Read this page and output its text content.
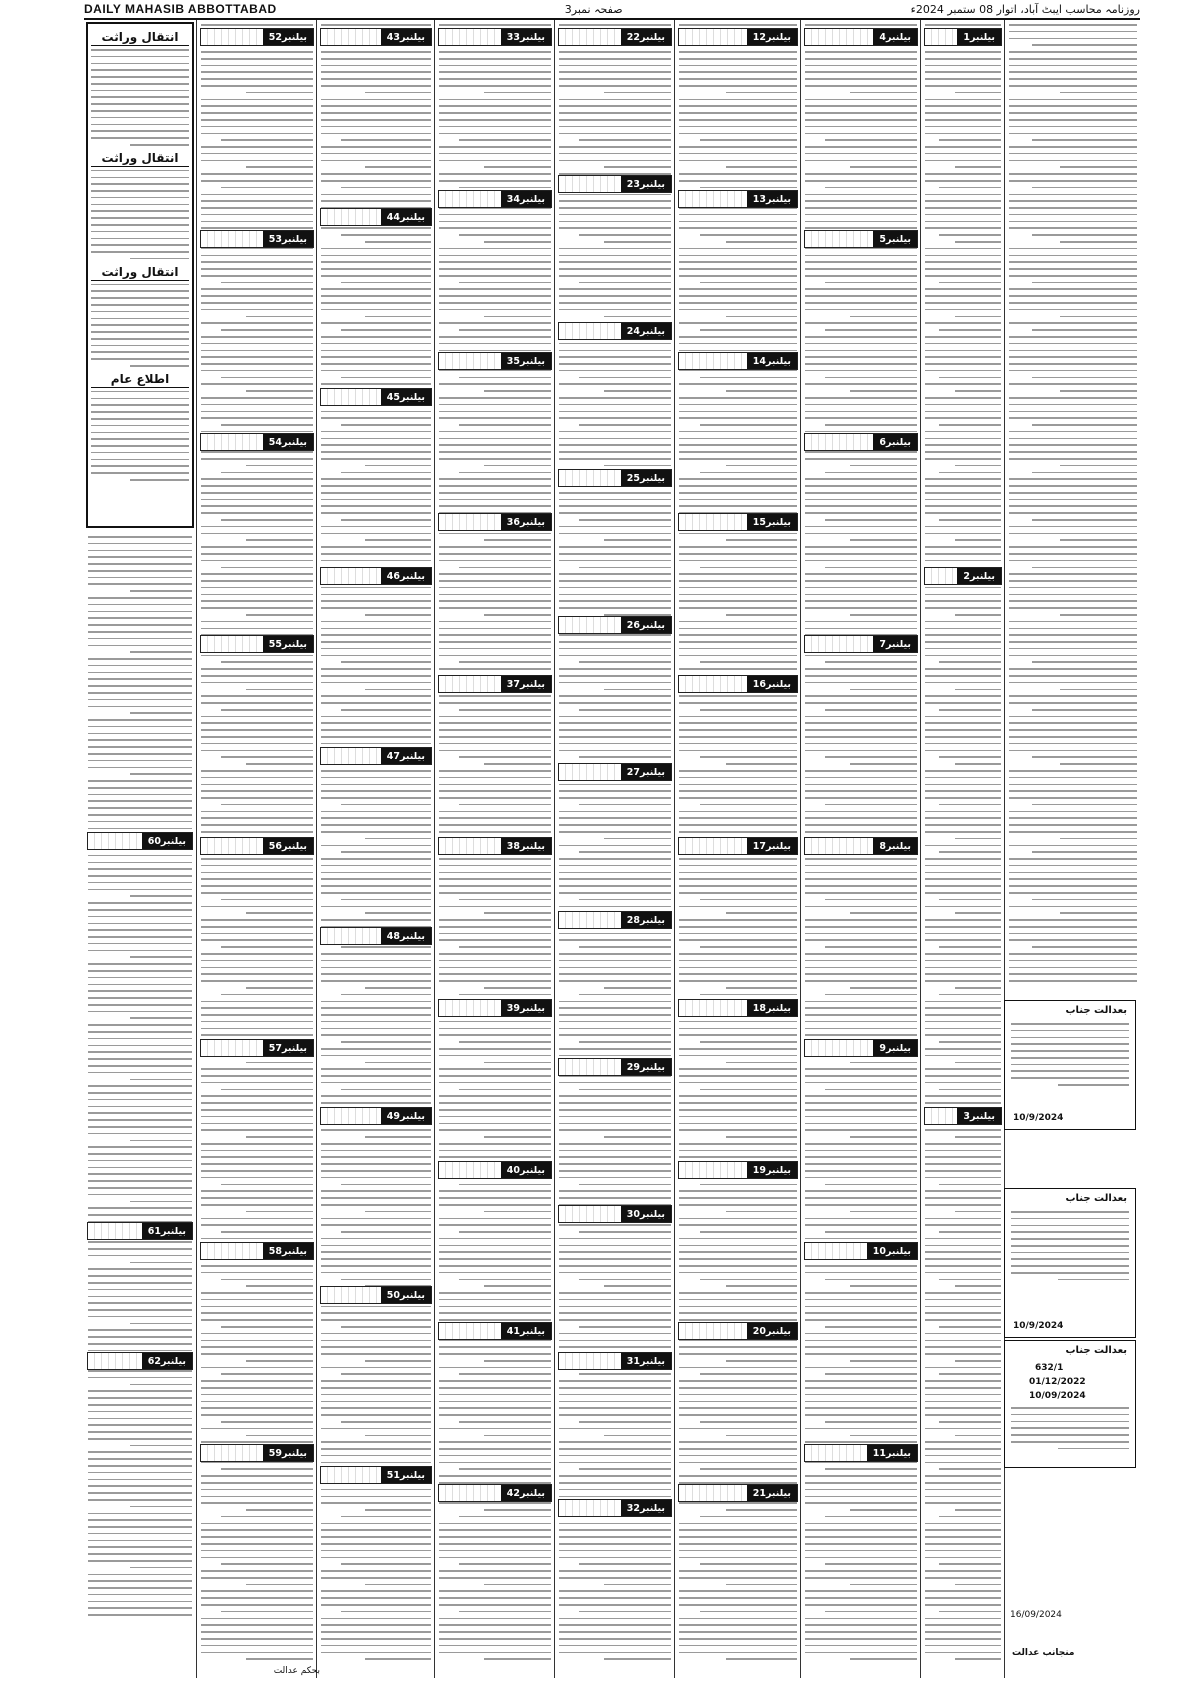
DAILY MAHASIB ABBOTTABAD	صفحہ نمبر3	روزنامہ محاسب ایبٹ آباد، اتوار 08 ستمبر 2024ء
انتقال وراثت
انتقال وراثت
انتقال وراثت
اطلاع عام
بیلنبر
60
بیلنبر
61
بیلنبر
62
بیلنبر
52
بیلنبر
53
بیلنبر
54
بیلنبر
55
بیلنبر
56
بیلنبر
57
بیلنبر
58
بیلنبر
59
بیلنبر
43
بیلنبر
44
بیلنبر
45
بیلنبر
46
بیلنبر
47
بیلنبر
48
بیلنبر
49
بیلنبر
50
بیلنبر
51
بیلنبر
33
بیلنبر
34
بیلنبر
35
بیلنبر
36
بیلنبر
37
بیلنبر
38
بیلنبر
39
بیلنبر
40
بیلنبر
41
بیلنبر
42
بیلنبر
22
بیلنبر
23
بیلنبر
24
بیلنبر
25
بیلنبر
26
بیلنبر
27
بیلنبر
28
بیلنبر
29
بیلنبر
30
بیلنبر
31
بیلنبر
32
بیلنبر
12
بیلنبر
13
بیلنبر
14
بیلنبر
15
بیلنبر
16
بیلنبر
17
بیلنبر
18
بیلنبر
19
بیلنبر
20
بیلنبر
21
بیلنبر
4
بیلنبر
5
بیلنبر
6
بیلنبر
7
بیلنبر
8
بیلنبر
9
بیلنبر
10
بیلنبر
11
بیلنبر
1
بیلنبر
2
بیلنبر
3
بعدالت جناب
10/9/2024
بعدالت جناب
10/9/2024
بعدالت جناب
632/1
01/12/2022
10/09/2024
16/09/2024
منجانب عدالت
بحکم عدالت
